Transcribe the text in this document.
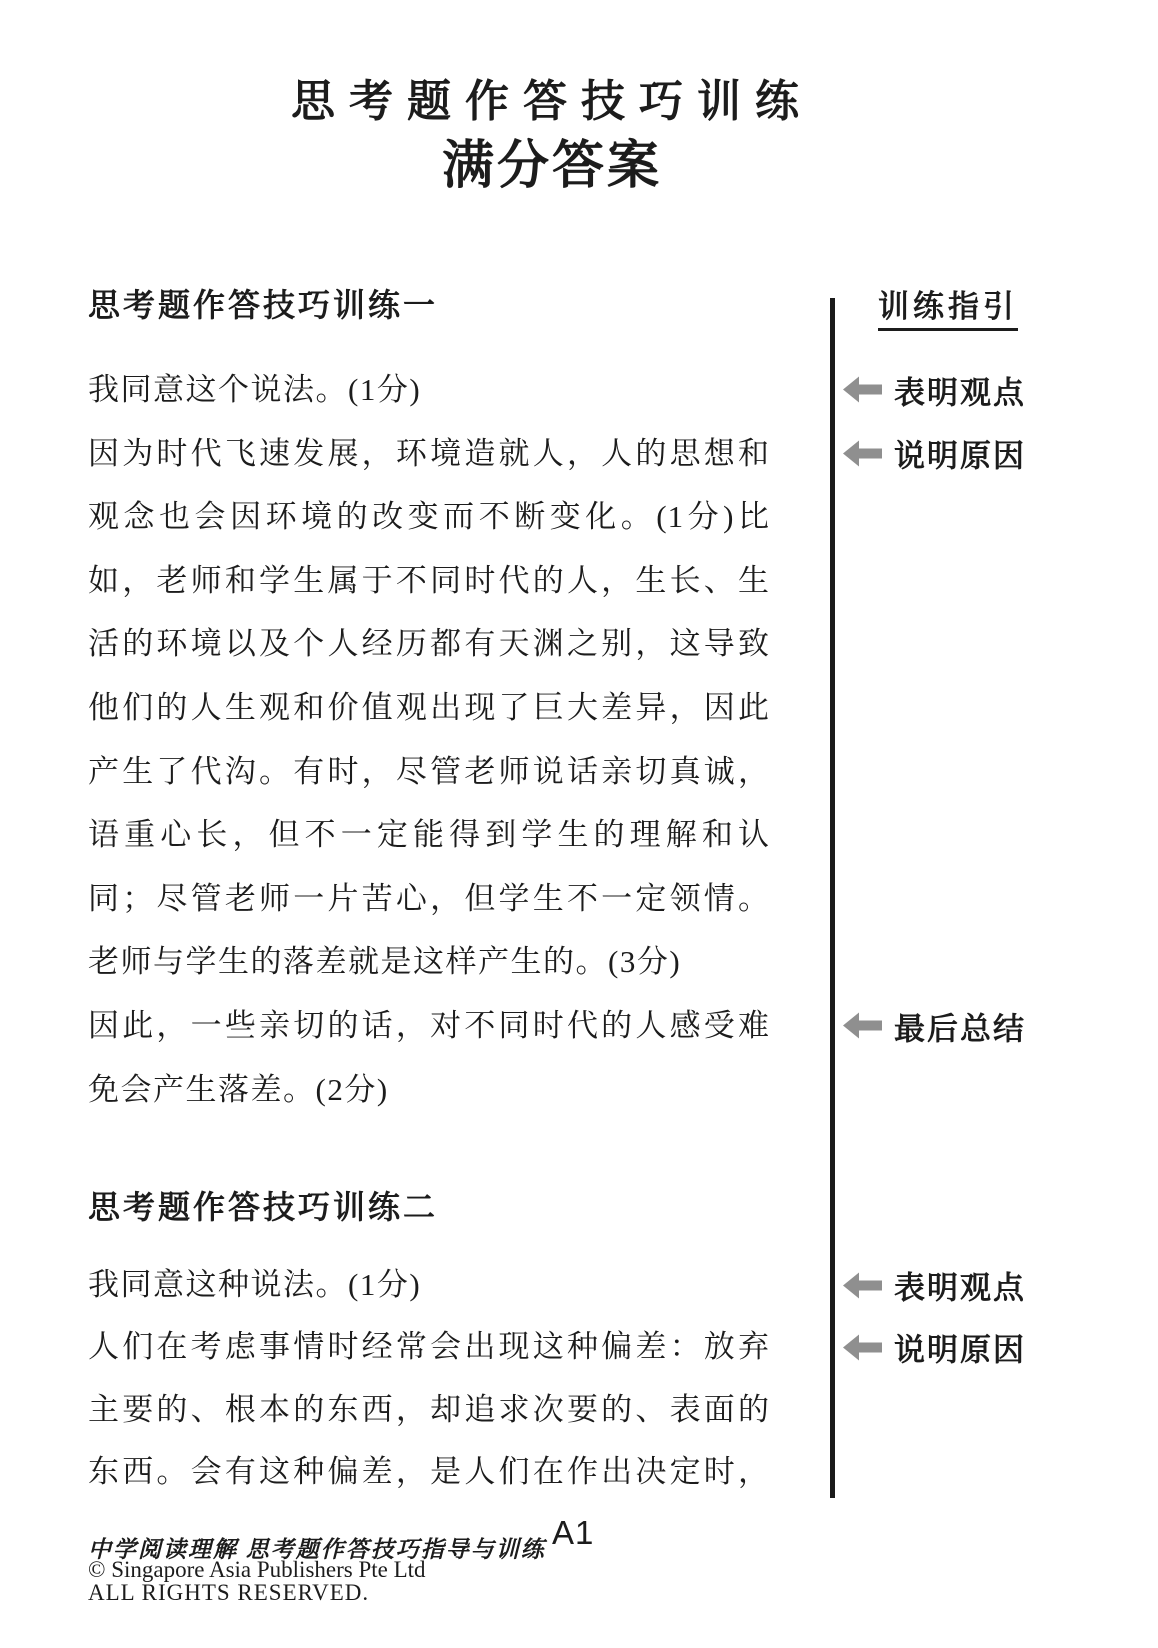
思考题作答技巧训练
满分答案
思考题作答技巧训练一
我同意这个说法。(1分)
因为时代飞速发展，环境造就人，人的思想和
观念也会因环境的改变而不断变化。(1分)比
如，老师和学生属于不同时代的人，生长、生
活的环境以及个人经历都有天渊之别，这导致
他们的人生观和价值观出现了巨大差异，因此
产生了代沟。有时，尽管老师说话亲切真诚，
语重心长，但不一定能得到学生的理解和认
同；尽管老师一片苦心，但学生不一定领情。
老师与学生的落差就是这样产生的。(3分)
因此，一些亲切的话，对不同时代的人感受难
免会产生落差。(2分)
思考题作答技巧训练二
我同意这种说法。(1分)
人们在考虑事情时经常会出现这种偏差：放弃
主要的、根本的东西，却追求次要的、表面的
东西。会有这种偏差，是人们在作出决定时，
训练指引
表明观点
说明原因
最后总结
表明观点
说明原因
中学阅读理解 思考题作答技巧指导与训练
© Singapore Asia Publishers Pte Ltd
ALL RIGHTS RESERVED.
A1
